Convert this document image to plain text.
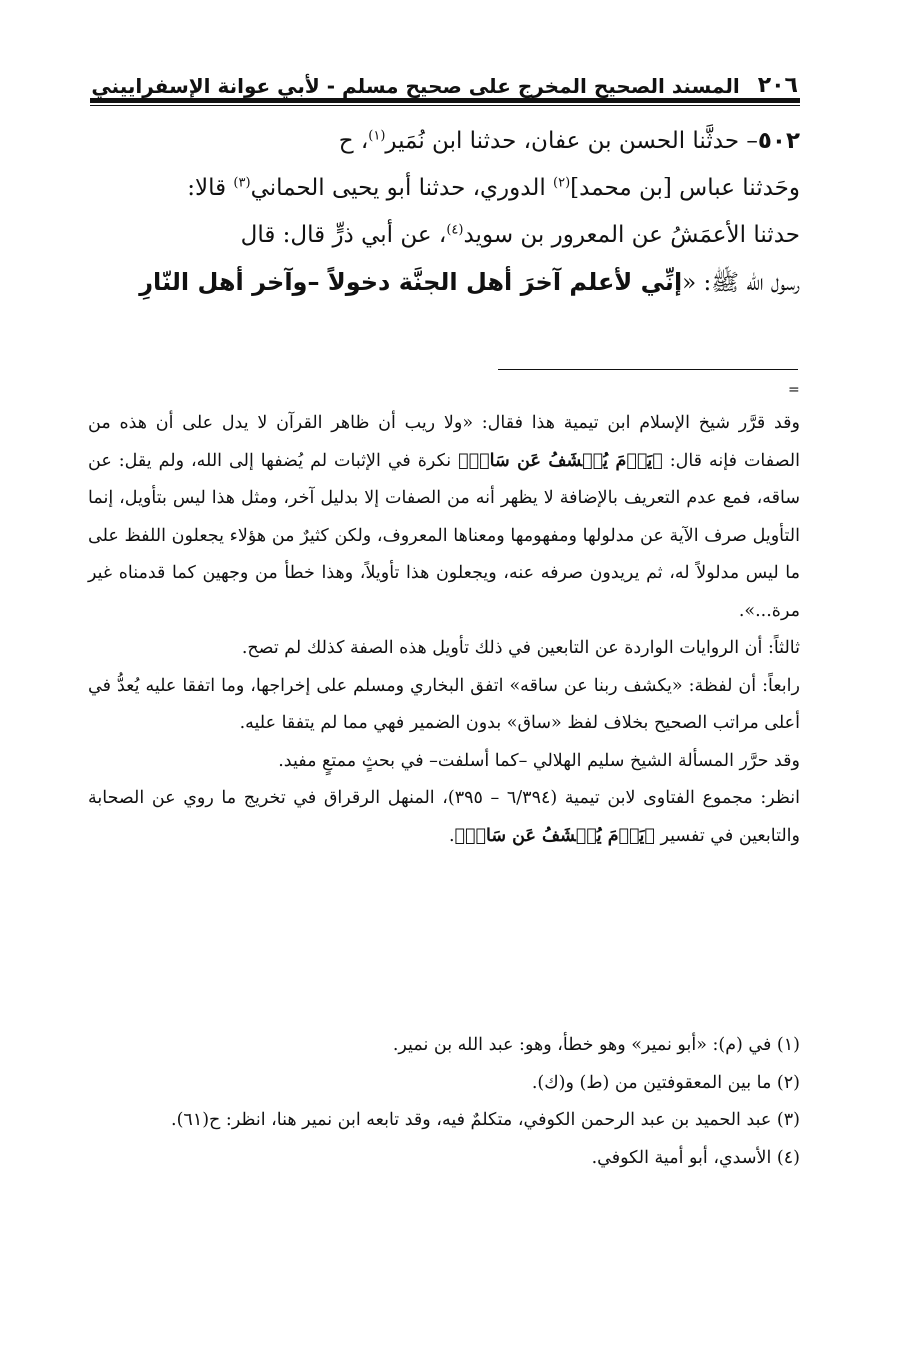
٢٠٦
المسند الصحيح المخرج على صحيح مسلم - لأبي عوانة الإسفراييني

٥٠٢– حدثَّنا الحسن بن عفان، حدثنا ابن نُمَير$^{(١)}$، ح

وحَدثنا عباس [بن محمد]$^{(٢)}$ الدوري، حدثنا أبو يحيى الحماني$^{(٣)}$ قالا:

حدثنا الأعمَشُ عن المعرور بن سويد$^{(٤)}$، عن أبي ذرٍّ قال: قال

رسول الله ﷺ: «إنِّي لأعلم آخرَ أهل الجنَّة دخولاً –وآخر أهل النّارِ

=

وقد قرَّر شيخ الإسلام ابن تيمية هذا فقال: «ولا ريب أن ظاهر القرآن لا يدل على أن هذه من الصفات فإنه قال: ﴿يَوۡمَ يُكۡشَفُ عَن سَاقٖ﴾ نكرة في الإثبات لم يُضفها إلى الله، ولم يقل: عن ساقه، فمع عدم التعريف بالإضافة لا يظهر أنه من الصفات إلا بدليل آخر، ومثل هذا ليس بتأويل، إنما التأويل صرف الآية عن مدلولها ومفهومها ومعناها المعروف، ولكن كثيرٌ من هؤلاء يجعلون اللفظ على ما ليس مدلولاً له، ثم يريدون صرفه عنه، ويجعلون هذا تأويلاً، وهذا خطأ من وجهين كما قدمناه غير مرة...».

ثالثاً: أن الروايات الواردة عن التابعين في ذلك تأويل هذه الصفة كذلك لم تصح.

رابعاً: أن لفظة: «يكشف ربنا عن ساقه» اتفق البخاري ومسلم على إخراجها، وما اتفقا عليه يُعدُّ في أعلى مراتب الصحيح بخلاف لفظ «ساق» بدون الضمير فهي مما لم يتفقا عليه.

وقد حرَّر المسألة الشيخ سليم الهلالي –كما أسلفت– في بحثٍ ممتعٍ مفيد.

انظر: مجموع الفتاوى لابن تيمية (٦/٣٩٤ – ٣٩٥)، المنهل الرقراق في تخريج ما روي عن الصحابة والتابعين في تفسير ﴿يَوۡمَ يُكۡشَفُ عَن سَاقٖ﴾.

(١) في (م): «أبو نمير» وهو خطأ، وهو: عبد الله بن نمير.

(٢) ما بين المعقوفتين من (ط) و(ك).

(٣) عبد الحميد بن عبد الرحمن الكوفي، متكلمٌ فيه، وقد تابعه ابن نمير هنا، انظر: ح(٦١).

(٤) الأسدي، أبو أمية الكوفي.
